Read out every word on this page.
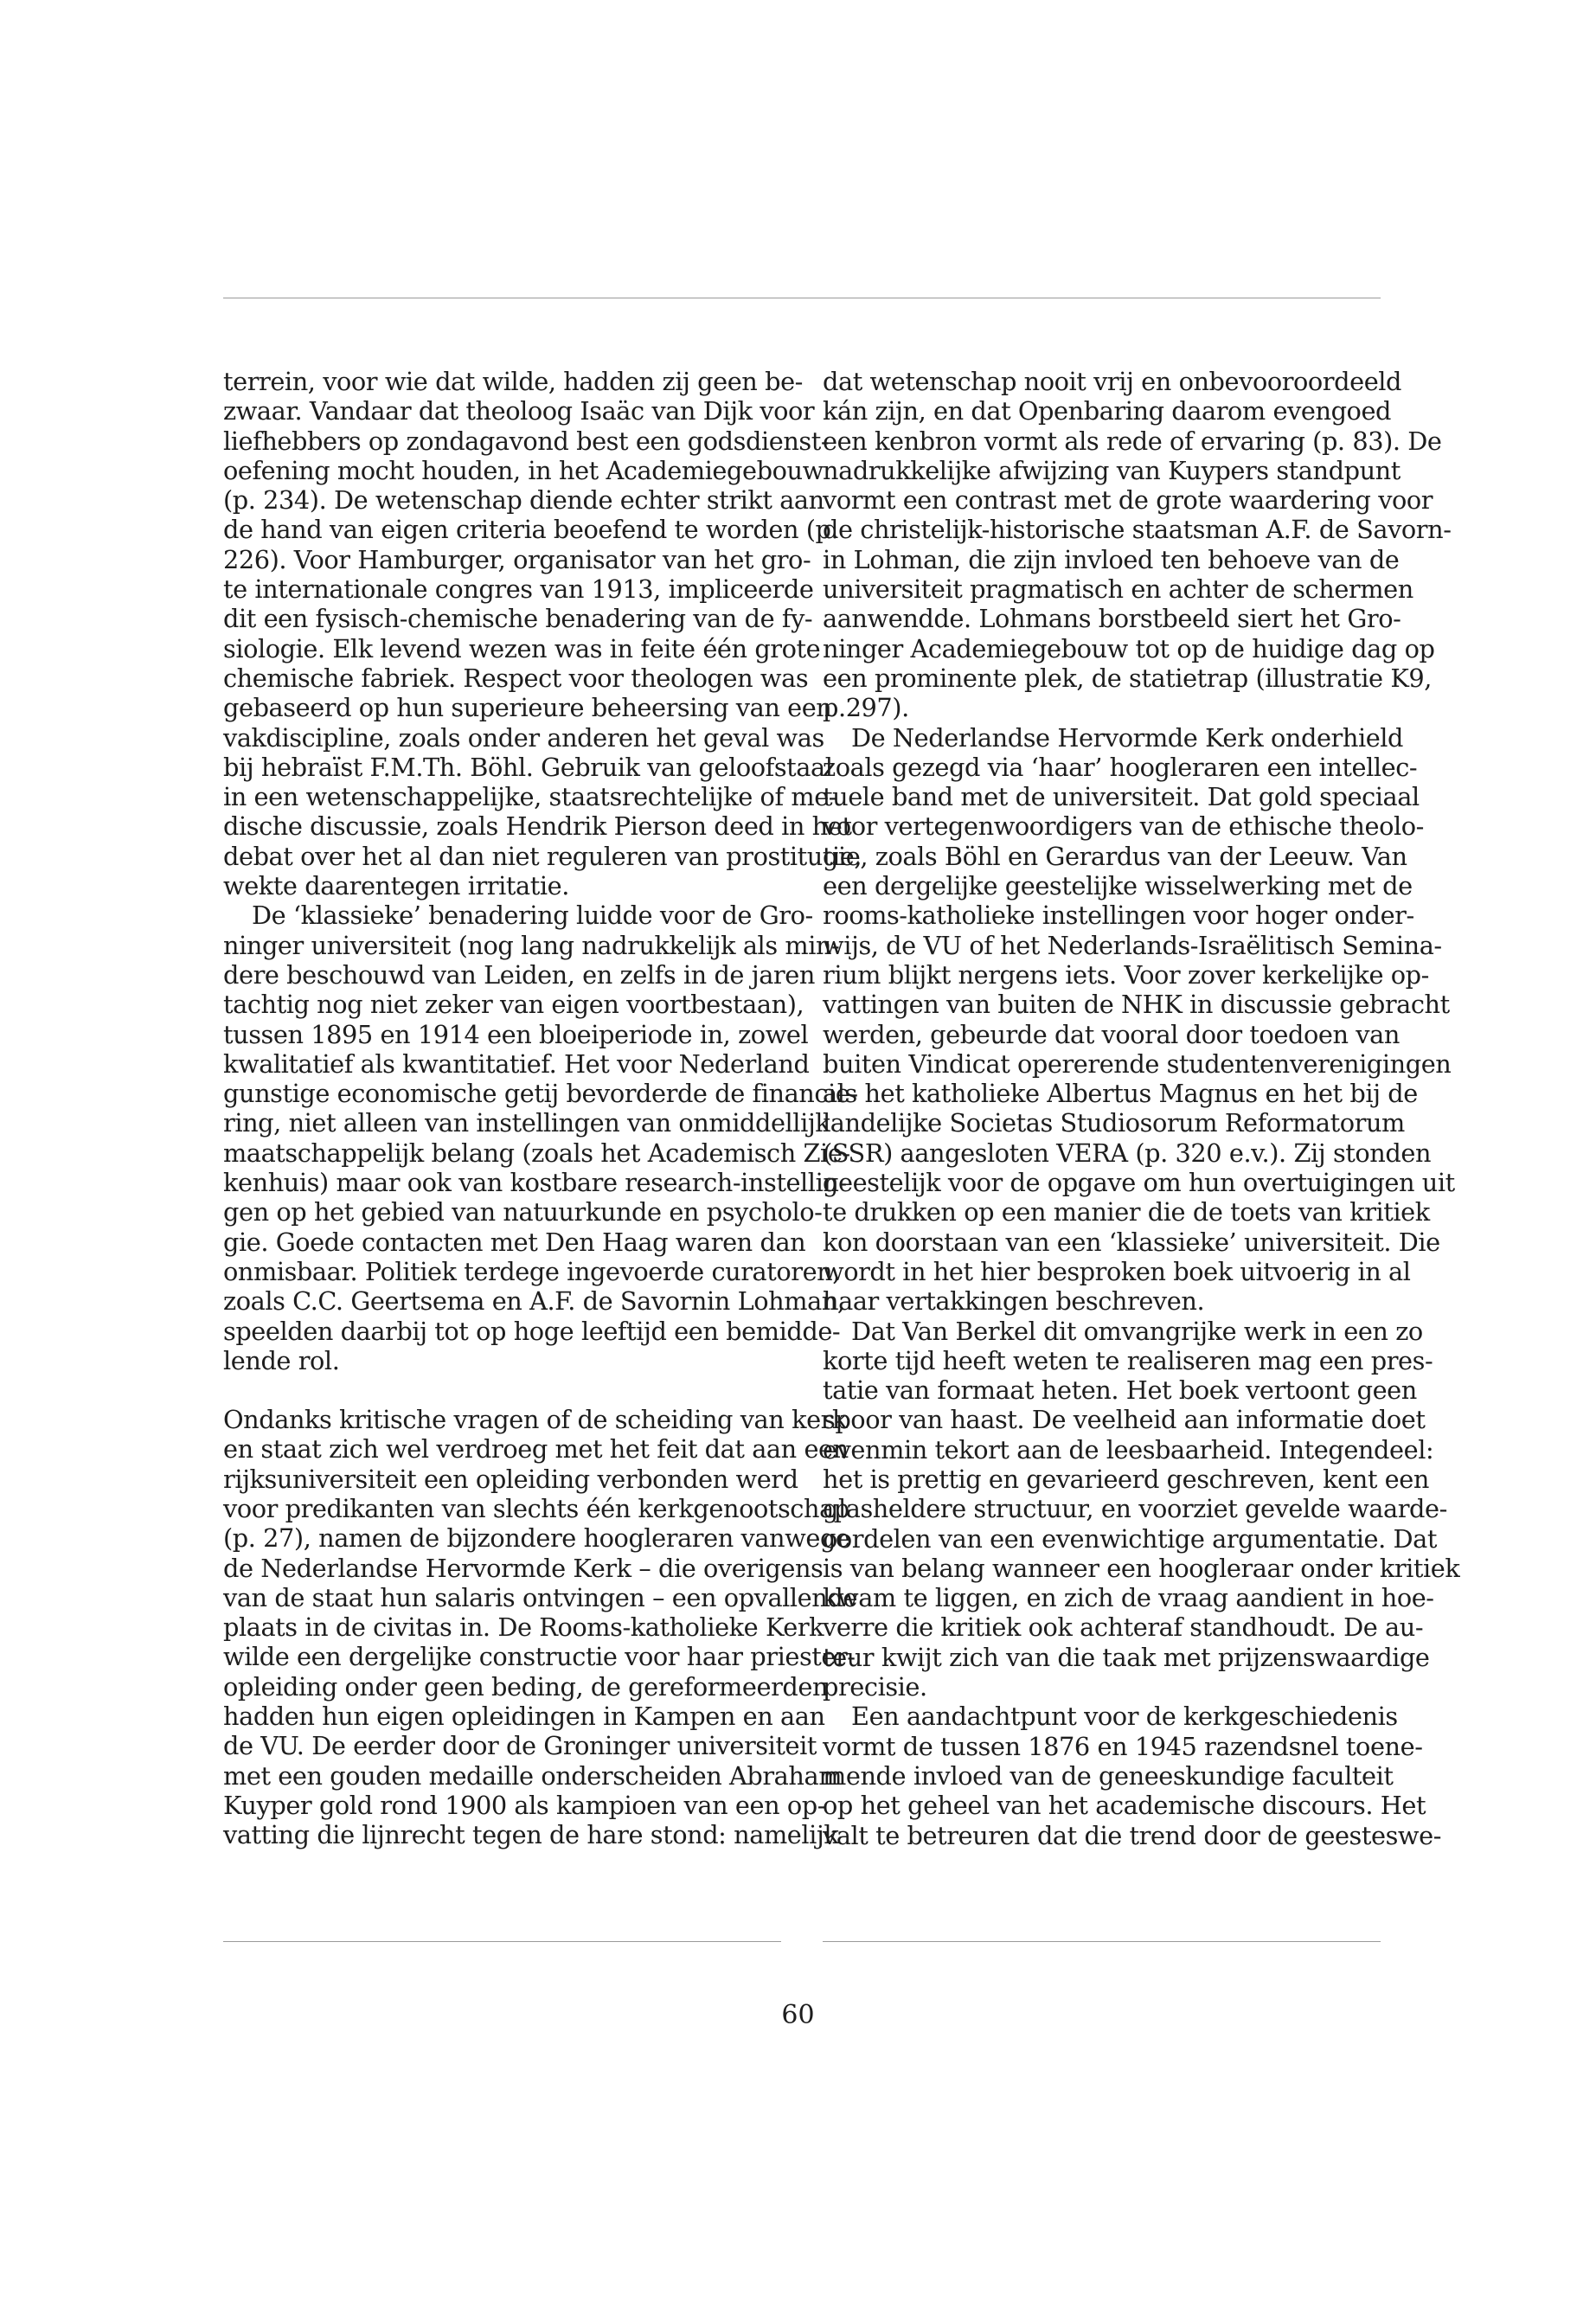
terrein, voor wie dat wilde, hadden zij geen be-
zwaar. Vandaar dat theoloog Isaäc van Dijk voor
liefhebbers op zondagavond best een godsdienst-
oefening mocht houden, in het Academiegebouw
(p. 234). De wetenschap diende echter strikt aan
de hand van eigen criteria beoefend te worden (p.
226). Voor Hamburger, organisator van het gro-
te internationale congres van 1913, impliceerde
dit een fysisch-chemische benadering van de fy-
siologie. Elk levend wezen was in feite één grote
chemische fabriek. Respect voor theologen was
gebaseerd op hun superieure beheersing van een
vakdiscipline, zoals onder anderen het geval was
bij hebraïst F.M.Th. Böhl. Gebruik van geloofstaal
in een wetenschappelijke, staatsrechtelijke of me-
dische discussie, zoals Hendrik Pierson deed in het
debat over het al dan niet reguleren van prostitutie,
wekte daarentegen irritatie.
De ‘klassieke’ benadering luidde voor de Gro-
ninger universiteit (nog lang nadrukkelijk als min-
dere beschouwd van Leiden, en zelfs in de jaren
tachtig nog niet zeker van eigen voortbestaan),
tussen 1895 en 1914 een bloeiperiode in, zowel
kwalitatief als kwantitatief. Het voor Nederland
gunstige economische getij bevorderde de financie-
ring, niet alleen van instellingen van onmiddellijk
maatschappelijk belang (zoals het Academisch Zie-
kenhuis) maar ook van kostbare research-instellin-
gen op het gebied van natuurkunde en psycholo-
gie. Goede contacten met Den Haag waren dan
onmisbaar. Politiek terdege ingevoerde curatoren,
zoals C.C. Geertsema en A.F. de Savornin Lohman,
speelden daarbij tot op hoge leeftijd een bemidde-
lende rol.
Ondanks kritische vragen of de scheiding van kerk
en staat zich wel verdroeg met het feit dat aan een
rijksuniversiteit een opleiding verbonden werd
voor predikanten van slechts één kerkgenootschap
(p. 27), namen de bijzondere hoogleraren vanwege
de Nederlandse Hervormde Kerk – die overigens
van de staat hun salaris ontvingen – een opvallende
plaats in de civitas in. De Rooms-katholieke Kerk
wilde een dergelijke constructie voor haar priester-
opleiding onder geen beding, de gereformeerden
hadden hun eigen opleidingen in Kampen en aan
de VU. De eerder door de Groninger universiteit
met een gouden medaille onderscheiden Abraham
Kuyper gold rond 1900 als kampioen van een op-
vatting die lijnrecht tegen de hare stond: namelijk
dat wetenschap nooit vrij en onbevooroordeeld
kán zijn, en dat Openbaring daarom evengoed
een kenbron vormt als rede of ervaring (p. 83). De
nadrukkelijke afwijzing van Kuypers standpunt
vormt een contrast met de grote waardering voor
de christelijk-historische staatsman A.F. de Savorn-
in Lohman, die zijn invloed ten behoeve van de
universiteit pragmatisch en achter de schermen
aanwendde. Lohmans borstbeeld siert het Gro-
ninger Academiegebouw tot op de huidige dag op
een prominente plek, de statietrap (illustratie K9,
p.297).
De Nederlandse Hervormde Kerk onderhield
zoals gezegd via ‘haar’ hoogleraren een intellec-
tuele band met de universiteit. Dat gold speciaal
voor vertegenwoordigers van de ethische theolo-
gie, zoals Böhl en Gerardus van der Leeuw. Van
een dergelijke geestelijke wisselwerking met de
rooms-katholieke instellingen voor hoger onder-
wijs, de VU of het Nederlands-Israëlitisch Semina-
rium blijkt nergens iets. Voor zover kerkelijke op-
vattingen van buiten de NHK in discussie gebracht
werden, gebeurde dat vooral door toedoen van
buiten Vindicat opererende studentenverenigingen
als het katholieke Albertus Magnus en het bij de
landelijke Societas Studiosorum Reformatorum
(SSR) aangesloten VERA (p. 320 e.v.). Zij stonden
geestelijk voor de opgave om hun overtuigingen uit
te drukken op een manier die de toets van kritiek
kon doorstaan van een ‘klassieke’ universiteit. Die
wordt in het hier besproken boek uitvoerig in al
haar vertakkingen beschreven.
Dat Van Berkel dit omvangrijke werk in een zo
korte tijd heeft weten te realiseren mag een pres-
tatie van formaat heten. Het boek vertoont geen
spoor van haast. De veelheid aan informatie doet
evenmin tekort aan de leesbaarheid. Integendeel:
het is prettig en gevarieerd geschreven, kent een
glasheldere structuur, en voorziet gevelde waarde-
oordelen van een evenwichtige argumentatie. Dat
is van belang wanneer een hoogleraar onder kritiek
kwam te liggen, en zich de vraag aandient in hoe-
verre die kritiek ook achteraf standhoudt. De au-
teur kwijt zich van die taak met prijzenswaardige
precisie.
Een aandachtpunt voor de kerkgeschiedenis
vormt de tussen 1876 en 1945 razendsnel toene-
mende invloed van de geneeskundige faculteit
op het geheel van het academische discours. Het
valt te betreuren dat die trend door de geesteswe-
60
